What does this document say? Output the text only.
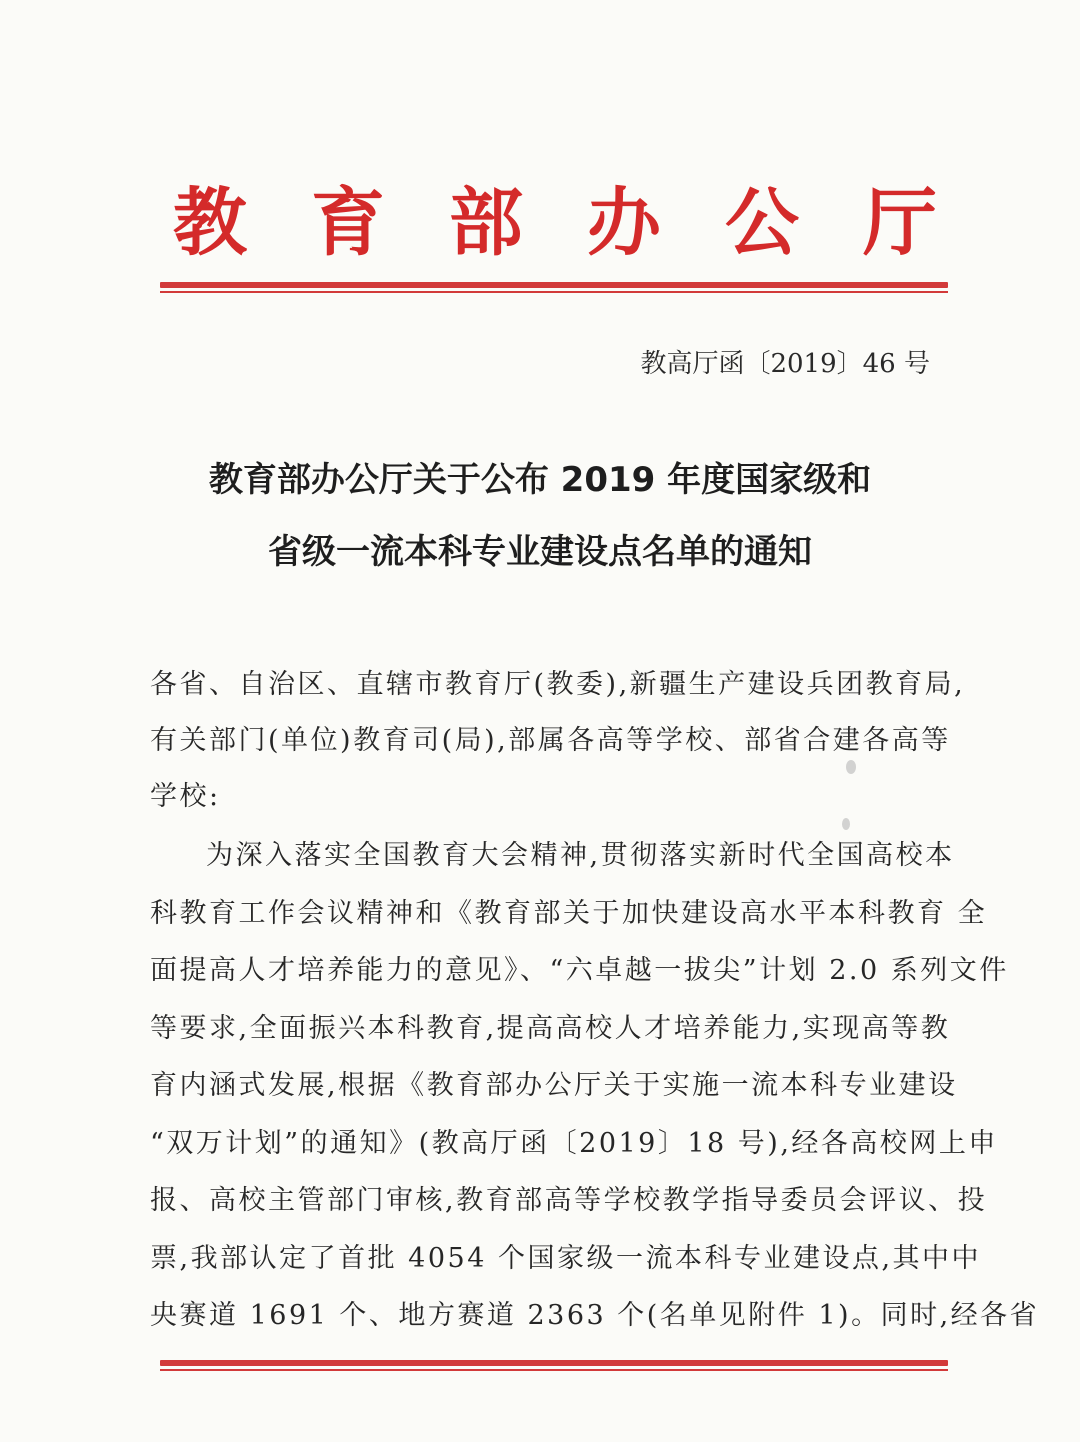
教 育 部 办 公 厅
教高厅函〔2019〕46 号
教育部办公厅关于公布 2019 年度国家级和
省级一流本科专业建设点名单的通知
各省、自治区、直辖市教育厅(教委),新疆生产建设兵团教育局,
有关部门(单位)教育司(局),部属各高等学校、部省合建各高等
学校:
为深入落实全国教育大会精神,贯彻落实新时代全国高校本
科教育工作会议精神和《教育部关于加快建设高水平本科教育 全
面提高人才培养能力的意见》、“六卓越一拔尖”计划 2.0 系列文件
等要求,全面振兴本科教育,提高高校人才培养能力,实现高等教
育内涵式发展,根据《教育部办公厅关于实施一流本科专业建设
“双万计划”的通知》(教高厅函〔2019〕18 号),经各高校网上申
报、高校主管部门审核,教育部高等学校教学指导委员会评议、投
票,我部认定了首批 4054 个国家级一流本科专业建设点,其中中
央赛道 1691 个、地方赛道 2363 个(名单见附件 1)。同时,经各省
